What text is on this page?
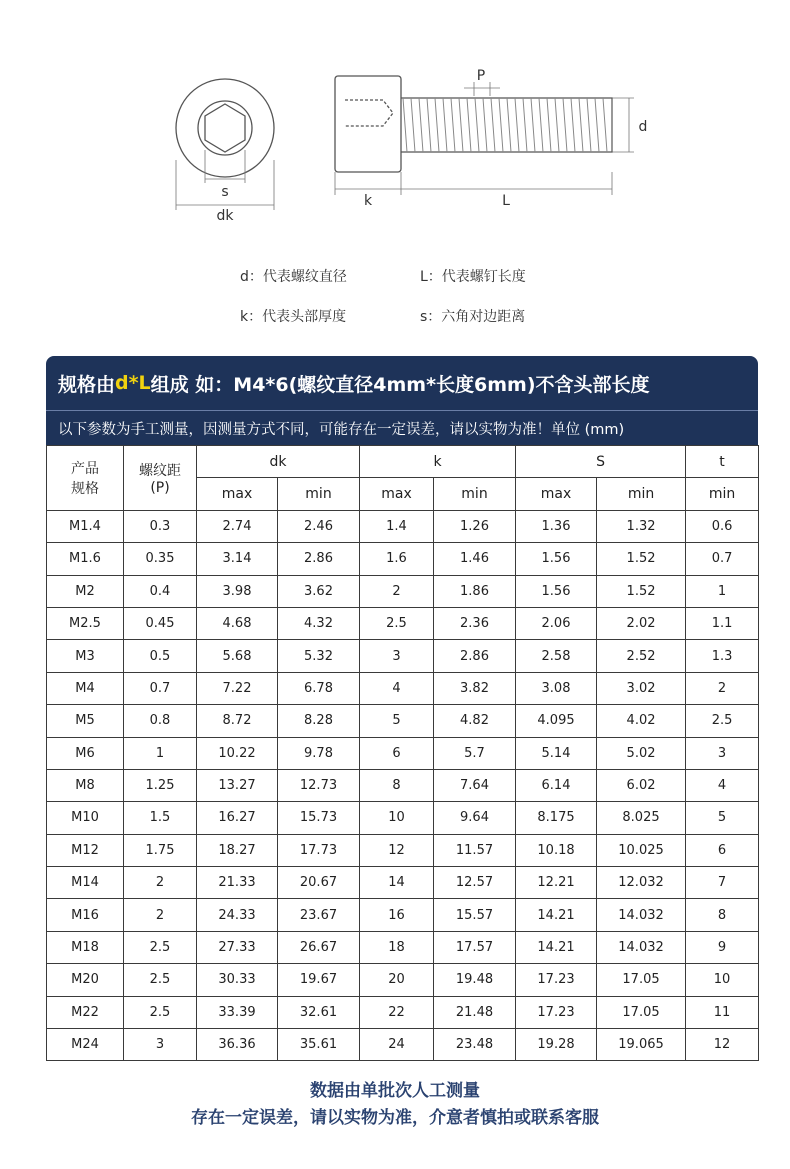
s
dk
k	L
P
d
d：代表螺纹直径	L：代表螺钉长度
k：代表头部厚度	s：六角对边距离
规格由 d*L 组成 如：M4*6(螺纹直径4mm*长度6mm)不含头部长度
以下参数为手工测量，因测量方式不同，可能存在一定误差，请以实物为准！单位 (mm)
产品
规格	螺纹距
(P)	dk		k		S		t
		max	min	max	min	max	min	min
M1.4	0.3	2.74	2.46	1.4	1.26	1.36	1.32	0.6
M1.6	0.35	3.14	2.86	1.6	1.46	1.56	1.52	0.7
M2	0.4	3.98	3.62	2	1.86	1.56	1.52	1
M2.5	0.45	4.68	4.32	2.5	2.36	2.06	2.02	1.1
M3	0.5	5.68	5.32	3	2.86	2.58	2.52	1.3
M4	0.7	7.22	6.78	4	3.82	3.08	3.02	2
M5	0.8	8.72	8.28	5	4.82	4.095	4.02	2.5
M6	1	10.22	9.78	6	5.7	5.14	5.02	3
M8	1.25	13.27	12.73	8	7.64	6.14	6.02	4
M10	1.5	16.27	15.73	10	9.64	8.175	8.025	5
M12	1.75	18.27	17.73	12	11.57	10.18	10.025	6
M14	2	21.33	20.67	14	12.57	12.21	12.032	7
M16	2	24.33	23.67	16	15.57	14.21	14.032	8
M18	2.5	27.33	26.67	18	17.57	14.21	14.032	9
M20	2.5	30.33	19.67	20	19.48	17.23	17.05	10
M22	2.5	33.39	32.61	22	21.48	17.23	17.05	11
M24	3	36.36	35.61	24	23.48	19.28	19.065	12
数据由单批次人工测量
存在一定误差，请以实物为准，介意者慎拍或联系客服
